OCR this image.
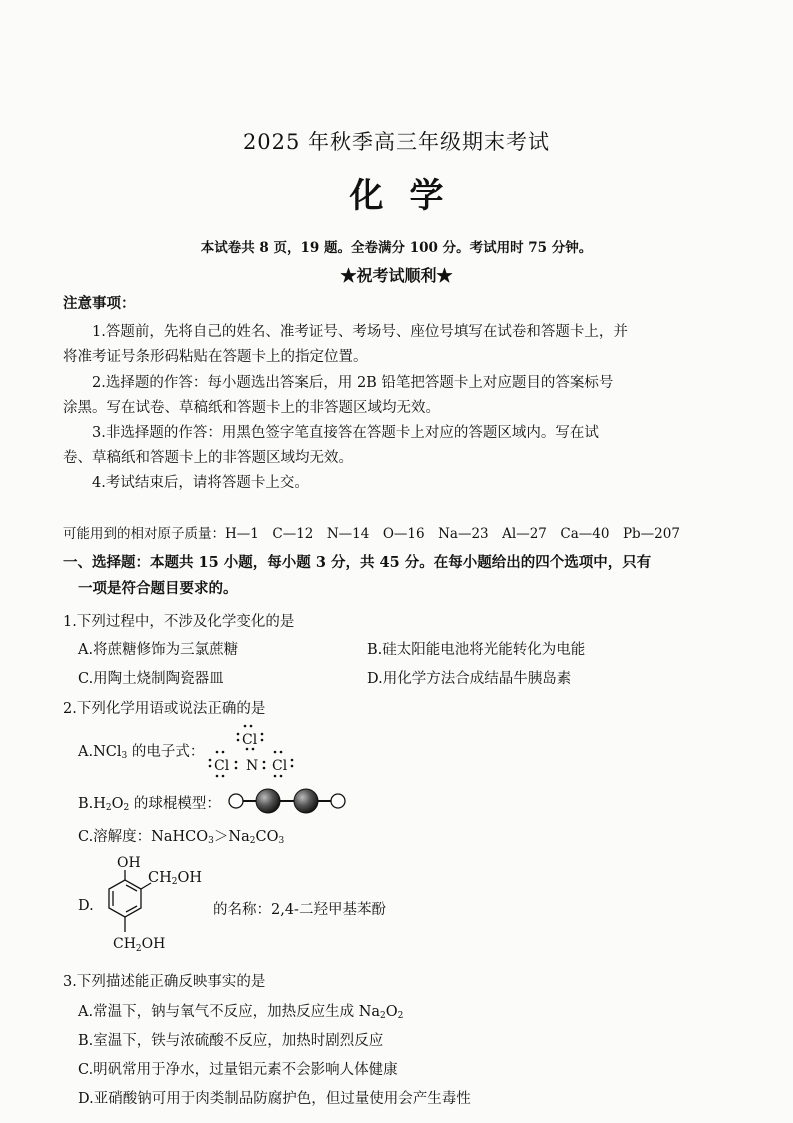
2025 年秋季高三年级期末考试
化学
本试卷共 8 页，19 题。全卷满分 100 分。考试用时 75 分钟。
★祝考试顺利★
注意事项：
1.答题前，先将自己的姓名、准考证号、考场号、座位号填写在试卷和答题卡上，并
将准考证号条形码粘贴在答题卡上的指定位置。
2.选择题的作答：每小题选出答案后，用 2B 铅笔把答题卡上对应题目的答案标号
涂黑。写在试卷、草稿纸和答题卡上的非答题区域均无效。
3.非选择题的作答：用黑色签字笔直接答在答题卡上对应的答题区域内。写在试
卷、草稿纸和答题卡上的非答题区域均无效。
4.考试结束后，请将答题卡上交。
可能用到的相对原子质量：H—1　C—12　N—14　O—16　Na—23　Al—27　Ca—40　Pb—207
一、选择题：本题共 15 小题，每小题 3 分，共 45 分。在每小题给出的四个选项中，只有
一项是符合题目要求的。
1.下列过程中，不涉及化学变化的是
A.将蔗糖修饰为三氯蔗糖	B.硅太阳能电池将光能转化为电能
C.用陶土烧制陶瓷器皿	D.用化学方法合成结晶牛胰岛素
2.下列化学用语或说法正确的是
A.NCl$_3$ 的电子式：
Cl
Cl N Cl
$B.H_2O_2$ 的球棍模型：
C.溶解度：$NaHCO_3>Na_2CO_3$
D.
OH
$CH_2OH$
$CH_2OH$
的名称：2,4-二羟甲基苯酚
3.下列描述能正确反映事实的是
A.常温下，钠与氧气不反应，加热反应生成 $Na_2O_2$
B.室温下，铁与浓硫酸不反应，加热时剧烈反应
C.明矾常用于净水，过量铝元素不会影响人体健康
D.亚硝酸钠可用于肉类制品防腐护色，但过量使用会产生毒性
